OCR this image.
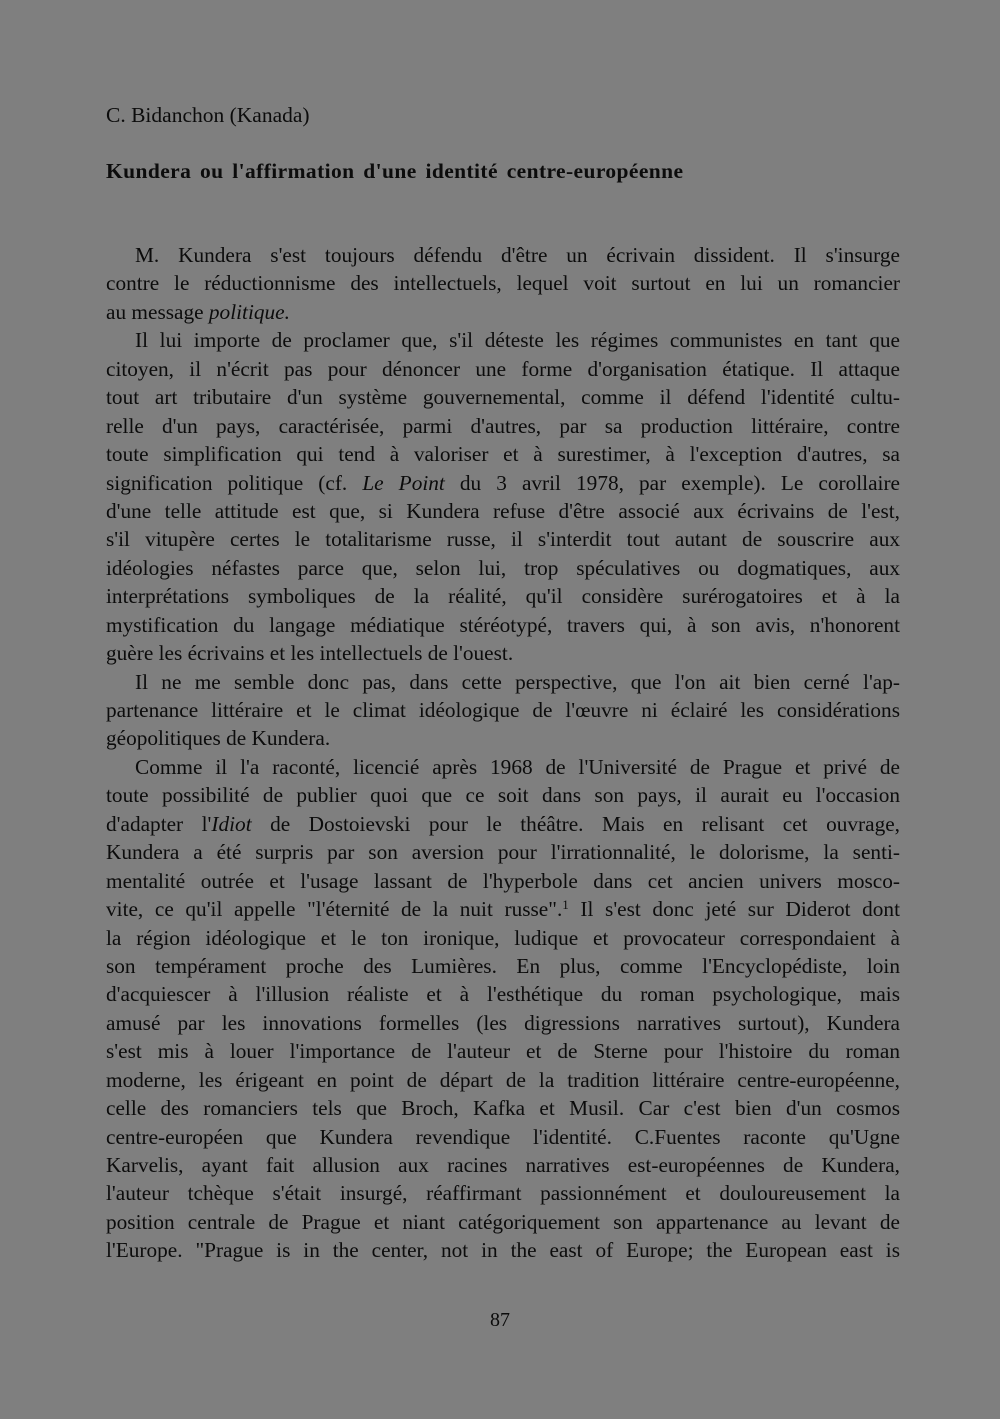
C. Bidanchon (Kanada)
Kundera ou l'affirmation d'une identité centre-européenne
M. Kundera s'est toujours défendu d'être un écrivain dissident. Il s'insurge
contre le réductionnisme des intellectuels, lequel voit surtout en lui un romancier
au message politique.
Il lui importe de proclamer que, s'il déteste les régimes communistes en tant que
citoyen, il n'écrit pas pour dénoncer une forme d'organisation étatique. Il attaque
tout art tributaire d'un système gouvernemental, comme il défend l'identité cultu-
relle d'un pays, caractérisée, parmi d'autres, par sa production littéraire, contre
toute simplification qui tend à valoriser et à surestimer, à l'exception d'autres, sa
signification politique (cf. Le Point du 3 avril 1978, par exemple). Le corollaire
d'une telle attitude est que, si Kundera refuse d'être associé aux écrivains de l'est,
s'il vitupère certes le totalitarisme russe, il s'interdit tout autant de souscrire aux
idéologies néfastes parce que, selon lui, trop spéculatives ou dogmatiques, aux
interprétations symboliques de la réalité, qu'il considère surérogatoires et à la
mystification du langage médiatique stéréotypé, travers qui, à son avis, n'honorent
guère les écrivains et les intellectuels de l'ouest.
Il ne me semble donc pas, dans cette perspective, que l'on ait bien cerné l'ap-
partenance littéraire et le climat idéologique de l'œuvre ni éclairé les considérations
géopolitiques de Kundera.
Comme il l'a raconté, licencié après 1968 de l'Université de Prague et privé de
toute possibilité de publier quoi que ce soit dans son pays, il aurait eu l'occasion
d'adapter l'Idiot de Dostoievski pour le théâtre. Mais en relisant cet ouvrage,
Kundera a été surpris par son aversion pour l'irrationnalité, le dolorisme, la senti-
mentalité outrée et l'usage lassant de l'hyperbole dans cet ancien univers mosco-
vite, ce qu'il appelle "l'éternité de la nuit russe".$^1$ Il s'est donc jeté sur Diderot dont
la région idéologique et le ton ironique, ludique et provocateur correspondaient à
son tempérament proche des Lumières. En plus, comme l'Encyclopédiste, loin
d'acquiescer à l'illusion réaliste et à l'esthétique du roman psychologique, mais
amusé par les innovations formelles (les digressions narratives surtout), Kundera
s'est mis à louer l'importance de l'auteur et de Sterne pour l'histoire du roman
moderne, les érigeant en point de départ de la tradition littéraire centre-européenne,
celle des romanciers tels que Broch, Kafka et Musil. Car c'est bien d'un cosmos
centre-européen que Kundera revendique l'identité. C.Fuentes raconte qu'Ugne
Karvelis, ayant fait allusion aux racines narratives est-européennes de Kundera,
l'auteur tchèque s'était insurgé, réaffirmant passionnément et douloureusement la
position centrale de Prague et niant catégoriquement son appartenance au levant de
l'Europe. "Prague is in the center, not in the east of Europe; the European east is
87
